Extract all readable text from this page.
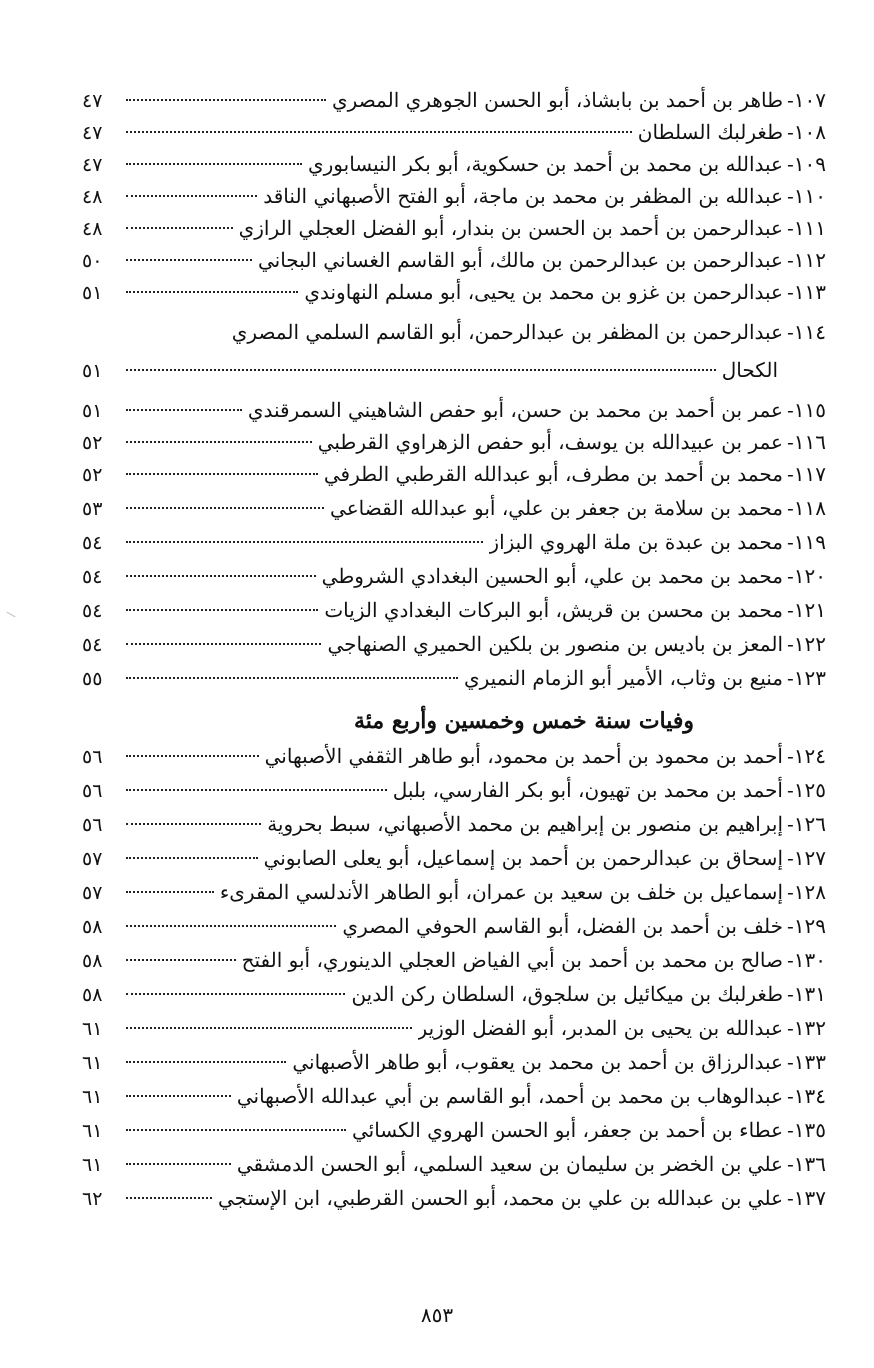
١٠٧-
طاهر بن أحمد بن بابشاذ، أبو الحسن الجوهري المصري
٤٧
١٠٨-
طغرلبك السلطان
٤٧
١٠٩-
عبدالله بن محمد بن أحمد بن حسكوية، أبو بكر النيسابوري
٤٧
١١٠-
عبدالله بن المظفر بن محمد بن ماجة، أبو الفتح الأصبهاني الناقد
٤٨
١١١-
عبدالرحمن بن أحمد بن الحسن بن بندار، أبو الفضل العجلي الرازي
٤٨
١١٢-
عبدالرحمن بن عبدالرحمن بن مالك، أبو القاسم الغساني البجاني
٥٠
١١٣-
عبدالرحمن بن غزو بن محمد بن يحيى، أبو مسلم النهاوندي
٥١
١١٤-
عبدالرحمن بن المظفر بن عبدالرحمن، أبو القاسم السلمي المصري
الكحال
٥١
١١٥-
عمر بن أحمد بن محمد بن حسن، أبو حفص الشاهيني السمرقندي
٥١
١١٦-
عمر بن عبيدالله بن يوسف، أبو حفص الزهراوي القرطبي
٥٢
١١٧-
محمد بن أحمد بن مطرف، أبو عبدالله القرطبي الطرفي
٥٢
١١٨-
محمد بن سلامة بن جعفر بن علي، أبو عبدالله القضاعي
٥٣
١١٩-
محمد بن عبدة بن ملة الهروي البزاز
٥٤
١٢٠-
محمد بن محمد بن علي، أبو الحسين البغدادي الشروطي
٥٤
١٢١-
محمد بن محسن بن قريش، أبو البركات البغدادي الزيات
٥٤
١٢٢-
المعز بن باديس بن منصور بن بلكين الحميري الصنهاجي
٥٤
١٢٣-
منيع بن وثاب، الأمير أبو الزمام النميري
٥٥
وفيات سنة خمس وخمسين وأربع مئة
١٢٤-
أحمد بن محمود بن أحمد بن محمود، أبو طاهر الثقفي الأصبهاني
٥٦
١٢٥-
أحمد بن محمد بن تهيون، أبو بكر الفارسي، بلبل
٥٦
١٢٦-
إبراهيم بن منصور بن إبراهيم بن محمد الأصبهاني، سبط بحروية
٥٦
١٢٧-
إسحاق بن عبدالرحمن بن أحمد بن إسماعيل، أبو يعلى الصابوني
٥٧
١٢٨-
إسماعيل بن خلف بن سعيد بن عمران، أبو الطاهر الأندلسي المقرىء
٥٧
١٢٩-
خلف بن أحمد بن الفضل، أبو القاسم الحوفي المصري
٥٨
١٣٠-
صالح بن محمد بن أحمد بن أبي الفياض العجلي الدينوري، أبو الفتح
٥٨
١٣١-
طغرلبك بن ميكائيل بن سلجوق، السلطان ركن الدين
٥٨
١٣٢-
عبدالله بن يحيى بن المدبر، أبو الفضل الوزير
٦١
١٣٣-
عبدالرزاق بن أحمد بن محمد بن يعقوب، أبو طاهر الأصبهاني
٦١
١٣٤-
عبدالوهاب بن محمد بن أحمد، أبو القاسم بن أبي عبدالله الأصبهاني
٦١
١٣٥-
عطاء بن أحمد بن جعفر، أبو الحسن الهروي الكسائي
٦١
١٣٦-
علي بن الخضر بن سليمان بن سعيد السلمي، أبو الحسن الدمشقي
٦١
١٣٧-
علي بن عبدالله بن علي بن محمد، أبو الحسن القرطبي، ابن الإستجي
٦٢
٨٥٣
